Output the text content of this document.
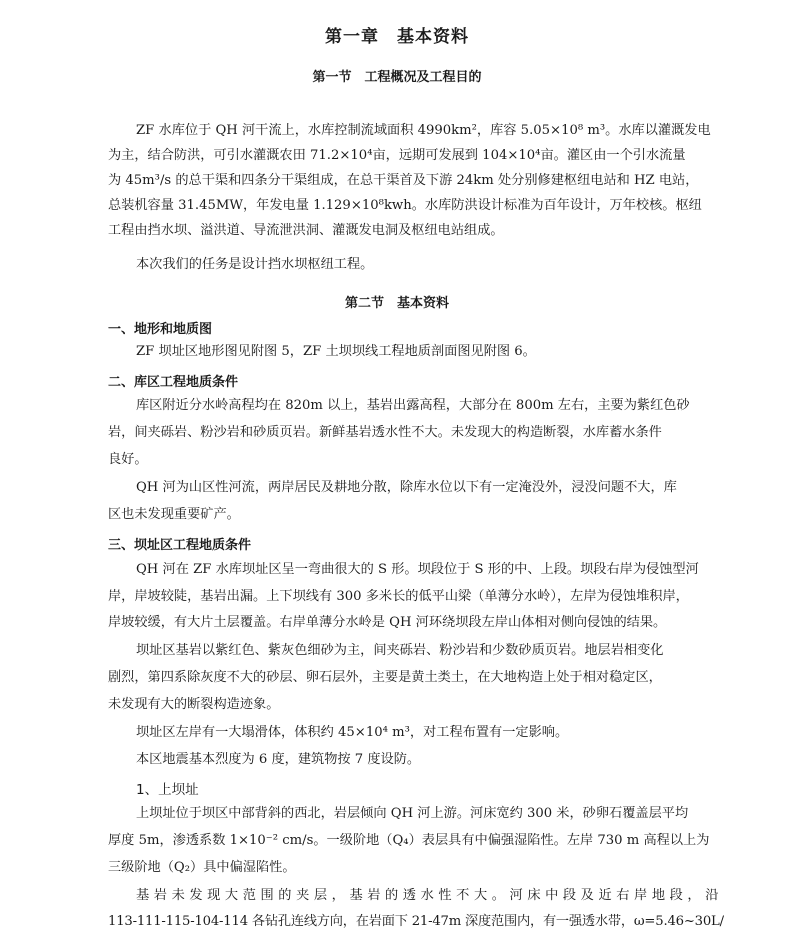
第一章　基本资料
第一节　工程概况及工程目的
ZF 水库位于 QH 河干流上，水库控制流域面积 4990km²，库容 5.05×10⁸ m³。水库以灌溉发电
为主，结合防洪，可引水灌溉农田 71.2×10⁴亩，远期可发展到 104×10⁴亩。灌区由一个引水流量
为 45m³/s 的总干渠和四条分干渠组成，在总干渠首及下游 24km 处分别修建枢纽电站和 HZ 电站，
总装机容量 31.45MW，年发电量 1.129×10⁸kwh。水库防洪设计标准为百年设计，万年校核。枢纽
工程由挡水坝、溢洪道、导流泄洪洞、灌溉发电洞及枢纽电站组成。
本次我们的任务是设计挡水坝枢纽工程。
第二节　基本资料
一、地形和地质图
ZF 坝址区地形图见附图 5，ZF 土坝坝线工程地质剖面图见附图 6。
二、库区工程地质条件
库区附近分水岭高程均在 820m 以上，基岩出露高程，大部分在 800m 左右，主要为紫红色砂
岩，间夹砾岩、粉沙岩和砂质页岩。新鲜基岩透水性不大。未发现大的构造断裂，水库蓄水条件
良好。
QH 河为山区性河流，两岸居民及耕地分散，除库水位以下有一定淹没外，浸没问题不大，库
区也未发现重要矿产。
三、坝址区工程地质条件
QH 河在 ZF 水库坝址区呈一弯曲很大的 S 形。坝段位于 S 形的中、上段。坝段右岸为侵蚀型河
岸，岸坡较陡，基岩出漏。上下坝线有 300 多米长的低平山梁（单薄分水岭），左岸为侵蚀堆积岸，
岸坡较缓，有大片土层覆盖。右岸单薄分水岭是 QH 河环绕坝段左岸山体相对侧向侵蚀的结果。
坝址区基岩以紫红色、紫灰色细砂为主，间夹砾岩、粉沙岩和少数砂质页岩。地层岩相变化
剧烈，第四系除灰度不大的砂层、卵石层外，主要是黄土类土，在大地构造上处于相对稳定区，
未发现有大的断裂构造迹象。
坝址区左岸有一大塌滑体，体积约 45×10⁴ m³，对工程布置有一定影响。
本区地震基本烈度为 6 度，建筑物按 7 度设防。
1、上坝址
上坝址位于坝区中部背斜的西北，岩层倾向 QH 河上游。河床宽约 300 米，砂卵石覆盖层平均
厚度 5m，渗透系数 1×10⁻² cm/s。一级阶地（Q₄）表层具有中偏强湿陷性。左岸 730 m 高程以上为
三级阶地（Q₂）具中偏湿陷性。
基岩未发现大范围的夹层，基岩的透水性不大。河床中段及近右岸地段，沿
113-111-115-104-114 各钻孔连线方向，在岩面下 21-47m 深度范围内，有一强透水带，ω=5.46~30L/
